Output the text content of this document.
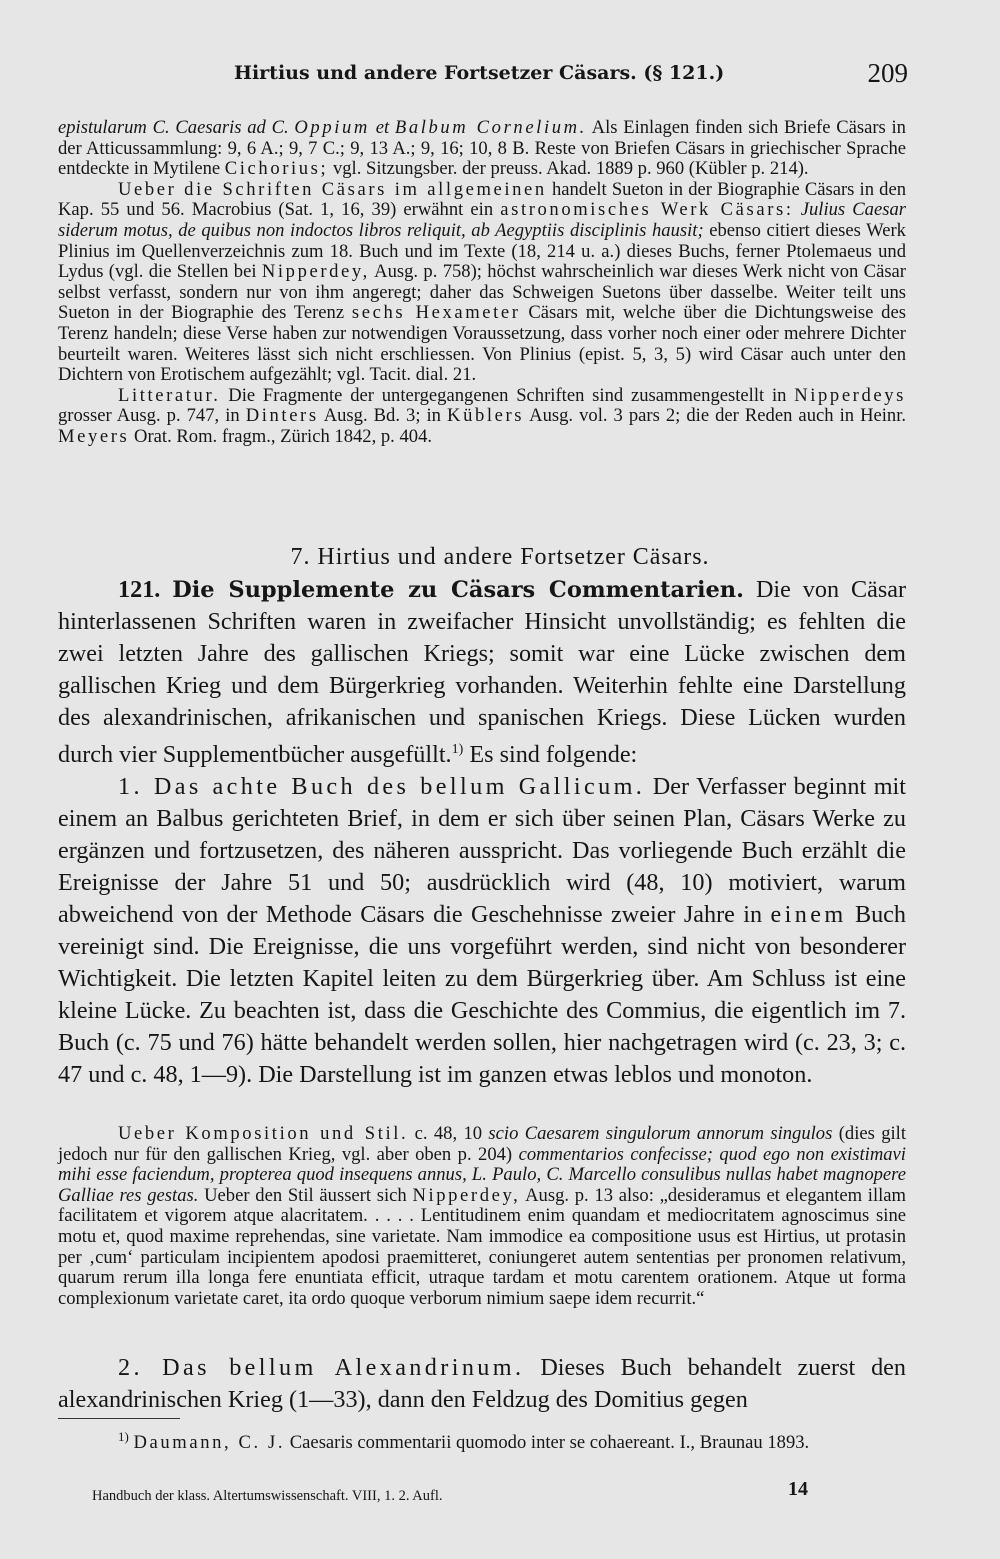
Hirtius und andere Fortsetzer Cäsars. (§ 121.)	209

epistularum C. Caesaris ad C. Oppium et Balbum Cornelium. Als Einlagen finden sich Briefe Cäsars in der Atticussammlung: 9, 6 A.; 9, 7 C.; 9, 13 A.; 9, 16; 10, 8 B. Reste von Briefen Cäsars in griechischer Sprache entdeckte in Mytilene Cichorius; vgl. Sitzungsber. der preuss. Akad. 1889 p. 960 (Kübler p. 214).

Ueber die Schriften Cäsars im allgemeinen handelt Sueton in der Biographie Cäsars in den Kap. 55 und 56. Macrobius (Sat. 1, 16, 39) erwähnt ein astronomisches Werk Cäsars: Julius Caesar siderum motus, de quibus non indoctos libros reliquit, ab Aegyptiis disciplinis hausit; ebenso citiert dieses Werk Plinius im Quellenverzeichnis zum 18. Buch und im Texte (18, 214 u. a.) dieses Buchs, ferner Ptolemaeus und Lydus (vgl. die Stellen bei Nipperdey, Ausg. p. 758); höchst wahrscheinlich war dieses Werk nicht von Cäsar selbst verfasst, sondern nur von ihm angeregt; daher das Schweigen Suetons über dasselbe. Weiter teilt uns Sueton in der Biographie des Terenz sechs Hexameter Cäsars mit, welche über die Dichtungsweise des Terenz handeln; diese Verse haben zur notwendigen Voraussetzung, dass vorher noch einer oder mehrere Dichter beurteilt waren. Weiteres lässt sich nicht erschliessen. Von Plinius (epist. 5, 3, 5) wird Cäsar auch unter den Dichtern von Erotischem aufgezählt; vgl. Tacit. dial. 21.

Litteratur. Die Fragmente der untergegangenen Schriften sind zusammengestellt in Nipperdeys grosser Ausg. p. 747, in Dinters Ausg. Bd. 3; in Küblers Ausg. vol. 3 pars 2; die der Reden auch in Heinr. Meyers Orat. Rom. fragm., Zürich 1842, p. 404.

7. Hirtius und andere Fortsetzer Cäsars.

121. Die Supplemente zu Cäsars Commentarien. Die von Cäsar hinterlassenen Schriften waren in zweifacher Hinsicht unvollständig; es fehlten die zwei letzten Jahre des gallischen Kriegs; somit war eine Lücke zwischen dem gallischen Krieg und dem Bürgerkrieg vorhanden. Weiterhin fehlte eine Darstellung des alexandrinischen, afrikanischen und spanischen Kriegs. Diese Lücken wurden durch vier Supplementbücher ausgefüllt.$^{1)}$ Es sind folgende:

1. Das achte Buch des bellum Gallicum. Der Verfasser beginnt mit einem an Balbus gerichteten Brief, in dem er sich über seinen Plan, Cäsars Werke zu ergänzen und fortzusetzen, des näheren ausspricht. Das vorliegende Buch erzählt die Ereignisse der Jahre 51 und 50; ausdrücklich wird (48, 10) motiviert, warum abweichend von der Methode Cäsars die Geschehnisse zweier Jahre in einem Buch vereinigt sind. Die Ereignisse, die uns vorgeführt werden, sind nicht von besonderer Wichtigkeit. Die letzten Kapitel leiten zu dem Bürgerkrieg über. Am Schluss ist eine kleine Lücke. Zu beachten ist, dass die Geschichte des Commius, die eigentlich im 7. Buch (c. 75 und 76) hätte behandelt werden sollen, hier nachgetragen wird (c. 23, 3; c. 47 und c. 48, 1—9). Die Darstellung ist im ganzen etwas leblos und monoton.

Ueber Komposition und Stil. c. 48, 10 scio Caesarem singulorum annorum singulos (dies gilt jedoch nur für den gallischen Krieg, vgl. aber oben p. 204) commentarios confecisse; quod ego non existimavi mihi esse faciendum, propterea quod insequens annus, L. Paulo, C. Marcello consulibus nullas habet magnopere Galliae res gestas. Ueber den Stil äussert sich Nipperdey, Ausg. p. 13 also: „desideramus et elegantem illam facilitatem et vigorem atque alacritatem. . . . . Lentitudinem enim quandam et mediocritatem agnoscimus sine motu et, quod maxime reprehendas, sine varietate. Nam immodice ea compositione usus est Hirtius, ut protasin per ‚cum‘ particulam incipientem apodosi praemitteret, coniungeret autem sententias per pronomen relativum, quarum rerum illa longa fere enuntiata efficit, utraque tardam et motu carentem orationem. Atque ut forma complexionum varietate caret, ita ordo quoque verborum nimium saepe idem recurrit.“

2. Das bellum Alexandrinum. Dieses Buch behandelt zuerst den alexandrinischen Krieg (1—33), dann den Feldzug des Domitius gegen

$^{1)}$ Daumann, C. J. Caesaris commentarii quomodo inter se cohaereant. I., Braunau 1893.
Handbuch der klass. Altertumswissenschaft. VIII, 1. 2. Aufl.	14
